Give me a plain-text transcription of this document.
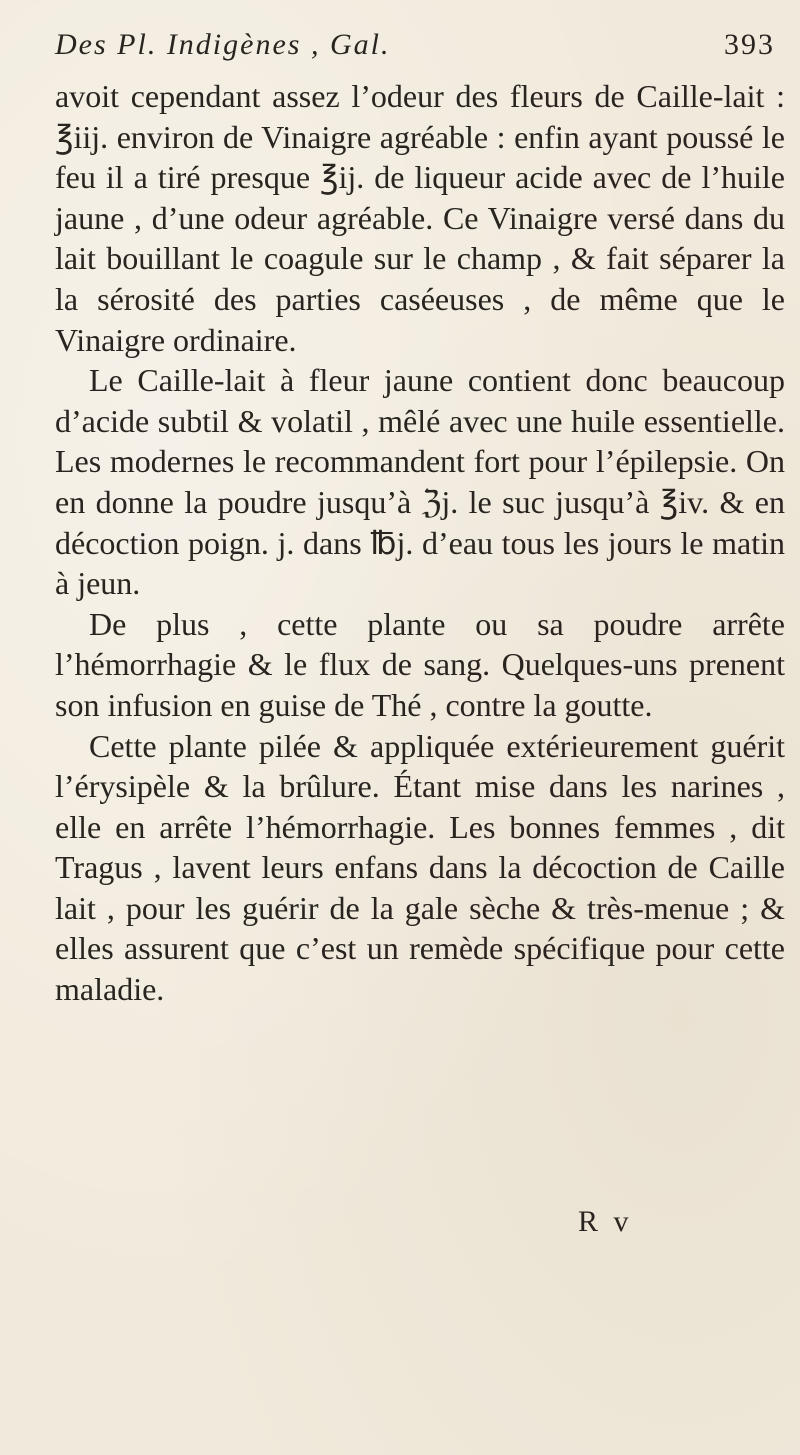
Des Pl. Indigènes , Gal.	393

avoit cependant assez l’odeur des fleurs de Caille-lait : ℥iij. environ de Vinaigre agréable : enfin ayant poussé le feu il a tiré presque ℥ij. de liqueur acide avec de l’huile jaune , d’une odeur agréable. Ce Vinaigre versé dans du lait bouillant le coagule sur le champ , & fait séparer la la sérosité des parties caséeuses , de même que le Vinaigre ordinaire.

Le Caille-lait à fleur jaune contient donc beaucoup d’acide subtil & volatil , mêlé avec une huile essentielle. Les modernes le recommandent fort pour l’épilepsie. On en donne la poudre jusqu’à ℨj. le suc jusqu’à ℥iv. & en décoction poign. j. dans ℔j. d’eau tous les jours le matin à jeun.

De plus , cette plante ou sa poudre arrête l’hémorrhagie & le flux de sang. Quelques-uns prenent son infusion en guise de Thé , contre la goutte.

Cette plante pilée & appliquée extérieurement guérit l’érysipèle & la brûlure. Étant mise dans les narines , elle en arrête l’hémorrhagie. Les bonnes femmes , dit Tragus , lavent leurs enfans dans la décoction de Caille lait , pour les guérir de la gale sèche & très-menue ; & elles assurent que c’est un remède spécifique pour cette maladie.

R v
